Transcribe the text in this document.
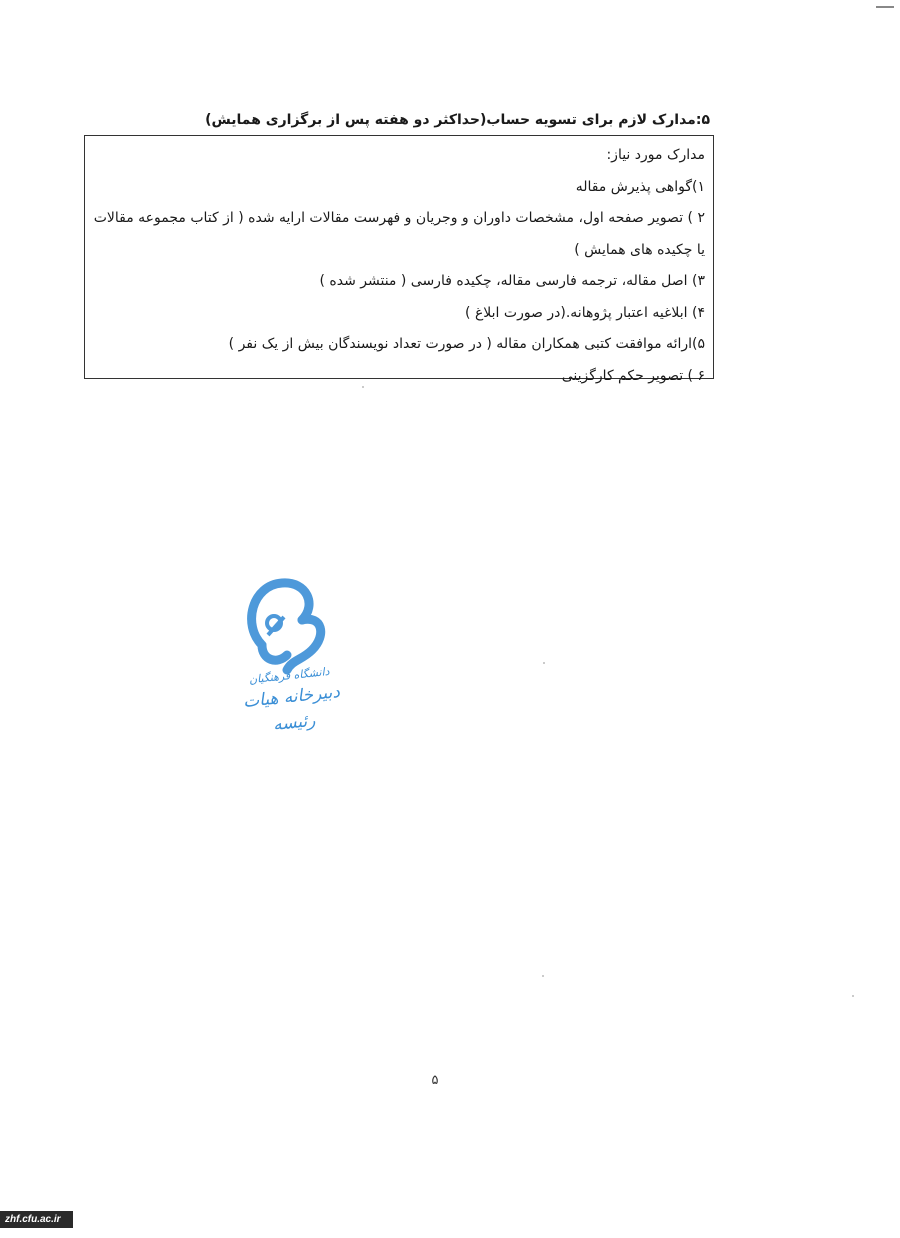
۵:مدارک لازم برای تسویه حساب(حداکثر دو هفته پس از برگزاری همایش)
مدارک مورد نیاز:
۱)گواهی پذیرش مقاله
۲ ) تصویر صفحه اول، مشخصات داوران و وجریان و فهرست مقالات ارایه شده ( از کتاب مجموعه مقالات یا چکیده های همایش )
۳) اصل مقاله، ترجمه فارسی مقاله، چکیده فارسی ( منتشر شده )
۴) ابلاغیه اعتبار پژوهانه.(در صورت ابلاغ )
۵)ارائه موافقت کتبی همکاران مقاله ( در صورت تعداد نویسندگان بیش از یک نفر )
۶ ) تصویر حکم کارگزینی
دانشگاه فرهنگیان
دبیرخانه هیات رئیسه
۵
zhf.cfu.ac.ir
